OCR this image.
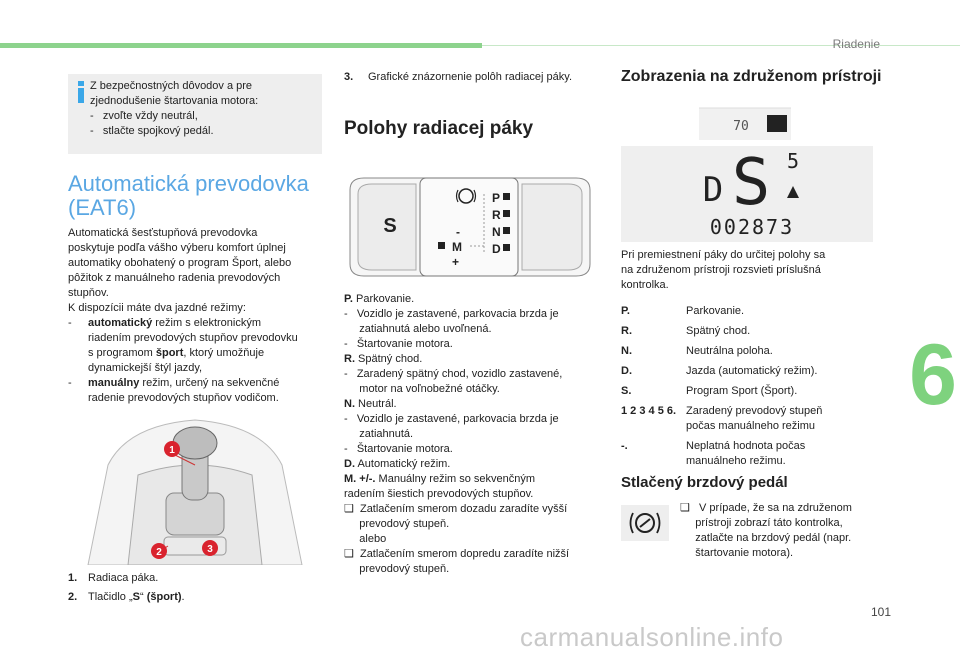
Riadenie
6
101
carmanualsonline.info
Z bezpečnostných dôvodov a pre
zjednodušenie štartovania motora:
-   zvoľte vždy neutrál,
-   stlačte spojkový pedál.
Automatická prevodovka
(EAT6)
Automatická šesťstupňová prevodovka
poskytuje podľa vášho výberu komfort úplnej
automatiky obohatený o program Šport, alebo
pôžitok z manuálneho radenia prevodových
stupňov.
K dispozícii máte dva jazdné režimy:
-	automatický režim s elektronickým
riadením prevodových stupňov prevodovku
s programom šport, ktorý umožňuje
dynamickejší štýl jazdy,
-	manuálny režim, určený na sekvenčné
radenie prevodových stupňov vodičom.
1
2	3
1. Radiaca páka.
2. Tlačidlo „S“ (šport).
3.	Grafické znázornenie polôh radiacej páky.
Polohy radiacej páky
S
P
R
N
D
-
M
+
P. Parkovanie.
-   Vozidlo je zastavené, parkovacia brzda je
zatiahnutá alebo uvoľnená.
-   Štartovanie motora.
R. Spätný chod.
-   Zaradený spätný chod, vozidlo zastavené,
motor na voľnobežné otáčky.
N. Neutrál.
-   Vozidlo je zastavené, parkovacia brzda je
zatiahnutá.
-   Štartovanie motora.
D. Automatický režim.
M. +/-. Manuálny režim so sekvenčným
radením šiestich prevodových stupňov.
❑  Zatlačením smerom dozadu zaradíte vyšší
prevodový stupeň.
alebo
❑  Zatlačením smerom dopredu zaradíte nižší
prevodový stupeň.
Zobrazenia na združenom prístroji
70
D S 5
002873
Pri premiestnení páky do určitej polohy sa
na združenom prístroji rozsvieti príslušná
kontrolka.
P.	Parkovanie.
R.	Spätný chod.
N.	Neutrálna poloha.
D.	Jazda (automatický režim).
S.	Program Sport (Šport).
1 2 3 4 5 6. Zaradený prevodový stupeň
počas manuálneho režimu
-.	Neplatná hodnota počas
manuálneho režimu.
Stlačený brzdový pedál
❑   V prípade, že sa na združenom
prístroji zobrazí táto kontrolka,
zatlačte na brzdový pedál (napr.
štartovanie motora).
